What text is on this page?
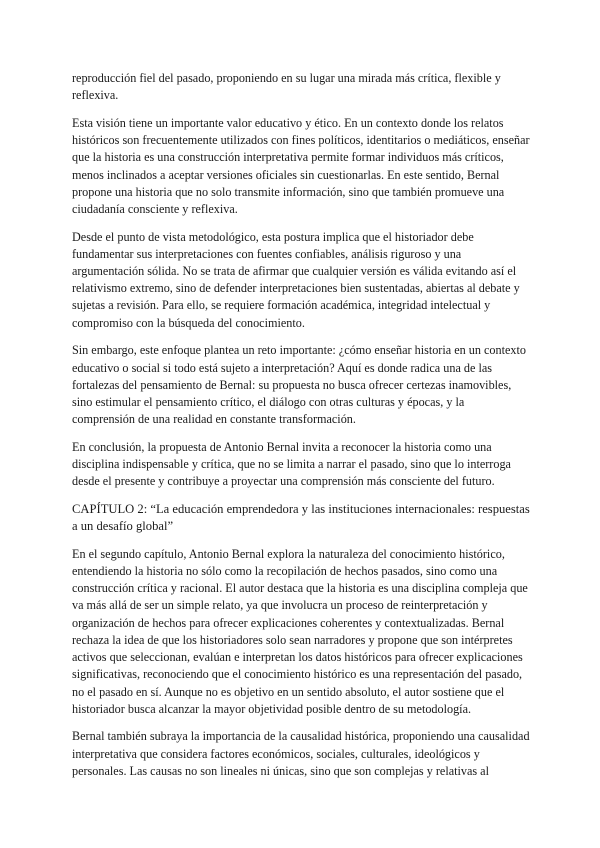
reproducción fiel del pasado, proponiendo en su lugar una mirada más crítica, flexible y reflexiva.

Esta visión tiene un importante valor educativo y ético. En un contexto donde los relatos históricos son frecuentemente utilizados con fines políticos, identitarios o mediáticos, enseñar que la historia es una construcción interpretativa permite formar individuos más críticos, menos inclinados a aceptar versiones oficiales sin cuestionarlas. En este sentido, Bernal propone una historia que no solo transmite información, sino que también promueve una ciudadanía consciente y reflexiva.

Desde el punto de vista metodológico, esta postura implica que el historiador debe fundamentar sus interpretaciones con fuentes confiables, análisis riguroso y una argumentación sólida. No se trata de afirmar que cualquier versión es válida evitando así el relativismo extremo, sino de defender interpretaciones bien sustentadas, abiertas al debate y sujetas a revisión. Para ello, se requiere formación académica, integridad intelectual y compromiso con la búsqueda del conocimiento.

Sin embargo, este enfoque plantea un reto importante: ¿cómo enseñar historia en un contexto educativo o social si todo está sujeto a interpretación? Aquí es donde radica una de las fortalezas del pensamiento de Bernal: su propuesta no busca ofrecer certezas inamovibles, sino estimular el pensamiento crítico, el diálogo con otras culturas y épocas, y la comprensión de una realidad en constante transformación.

En conclusión, la propuesta de Antonio Bernal invita a reconocer la historia como una disciplina indispensable y crítica, que no se limita a narrar el pasado, sino que lo interroga desde el presente y contribuye a proyectar una comprensión más consciente del futuro.

CAPÍTULO 2: “La educación emprendedora y las instituciones internacionales: respuestas a un desafío global”

En el segundo capítulo, Antonio Bernal explora la naturaleza del conocimiento histórico, entendiendo la historia no sólo como la recopilación de hechos pasados, sino como una construcción crítica y racional. El autor destaca que la historia es una disciplina compleja que va más allá de ser un simple relato, ya que involucra un proceso de reinterpretación y organización de hechos para ofrecer explicaciones coherentes y contextualizadas. Bernal rechaza la idea de que los historiadores solo sean narradores y propone que son intérpretes activos que seleccionan, evalúan e interpretan los datos históricos para ofrecer explicaciones significativas, reconociendo que el conocimiento histórico es una representación del pasado, no el pasado en sí. Aunque no es objetivo en un sentido absoluto, el autor sostiene que el historiador busca alcanzar la mayor objetividad posible dentro de su metodología.

Bernal también subraya la importancia de la causalidad histórica, proponiendo una causalidad interpretativa que considera factores económicos, sociales, culturales, ideológicos y personales. Las causas no son lineales ni únicas, sino que son complejas y relativas al
